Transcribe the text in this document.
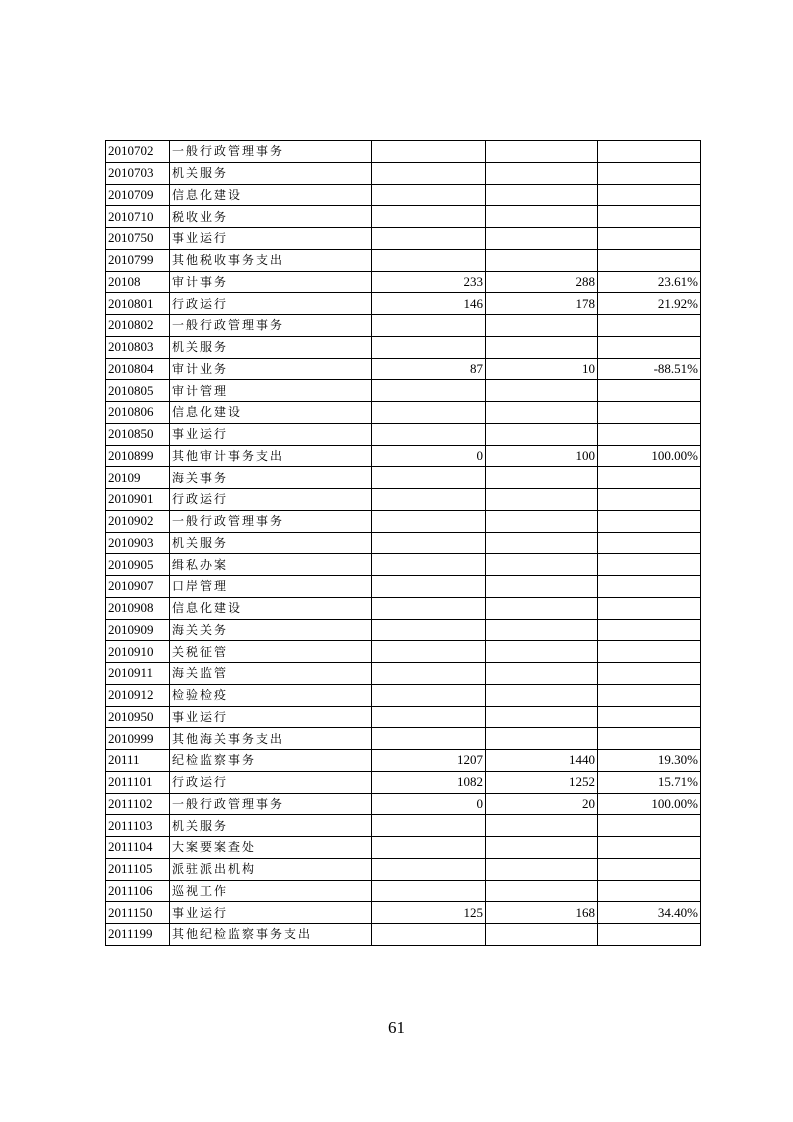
2010702	一般行政管理事务			
2010703	机关服务			
2010709	信息化建设			
2010710	税收业务			
2010750	事业运行			
2010799	其他税收事务支出			
20108	审计事务	233	288	23.61%
2010801	行政运行	146	178	21.92%
2010802	一般行政管理事务			
2010803	机关服务			
2010804	审计业务	87	10	-88.51%
2010805	审计管理			
2010806	信息化建设			
2010850	事业运行			
2010899	其他审计事务支出	0	100	100.00%
20109	海关事务			
2010901	行政运行			
2010902	一般行政管理事务			
2010903	机关服务			
2010905	缉私办案			
2010907	口岸管理			
2010908	信息化建设			
2010909	海关关务			
2010910	关税征管			
2010911	海关监管			
2010912	检验检疫			
2010950	事业运行			
2010999	其他海关事务支出			
20111	纪检监察事务	1207	1440	19.30%
2011101	行政运行	1082	1252	15.71%
2011102	一般行政管理事务	0	20	100.00%
2011103	机关服务			
2011104	大案要案查处			
2011105	派驻派出机构			
2011106	巡视工作			
2011150	事业运行	125	168	34.40%
2011199	其他纪检监察事务支出			
61
